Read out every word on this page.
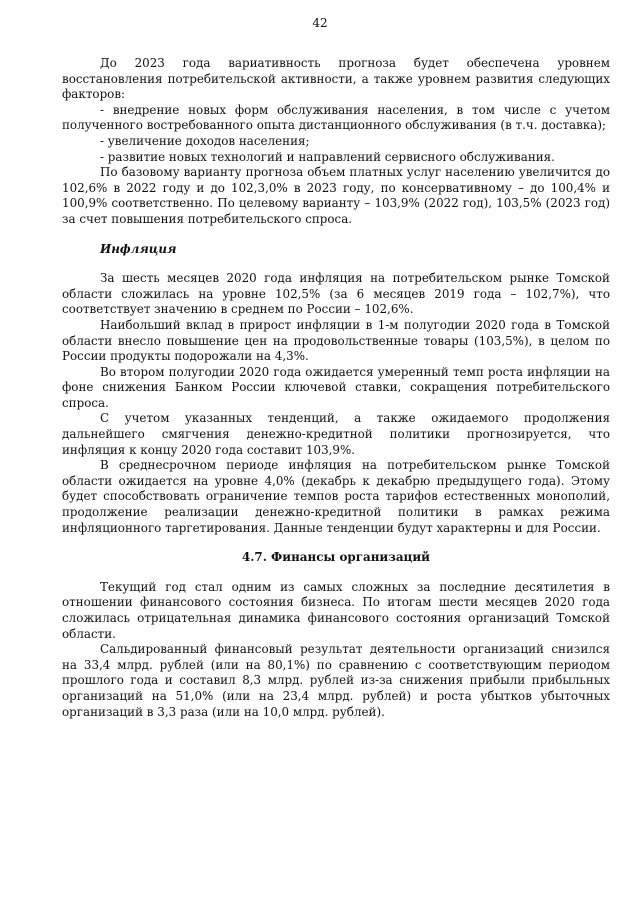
42

До 2023 года вариативность прогноза будет обеспечена уровнем восстановления потребительской активности, а также уровнем развития следующих факторов:

- внедрение новых форм обслуживания населения, в том числе с учетом полученного востребованного опыта дистанционного обслуживания (в т.ч. доставка);

- увеличение доходов населения;

- развитие новых технологий и направлений сервисного обслуживания.

По базовому варианту прогноза объем платных услуг населению увеличится до 102,6% в 2022 году и до 102,3,0% в 2023 году, по консервативному – до 100,4% и 100,9% соответственно. По целевому варианту – 103,9% (2022 год), 103,5% (2023 год) за счет повышения потребительского спроса.

Инфляция

За шесть месяцев 2020 года инфляция на потребительском рынке Томской области сложилась на уровне 102,5% (за 6 месяцев 2019 года – 102,7%), что соответствует значению в среднем по России – 102,6%.

Наибольший вклад в прирост инфляции в 1-м полугодии 2020 года в Томской области внесло повышение цен на продовольственные товары (103,5%), в целом по России продукты подорожали на 4,3%.

Во втором полугодии 2020 года ожидается умеренный темп роста инфляции на фоне снижения Банком России ключевой ставки, сокращения потребительского спроса.

С учетом указанных тенденций, а также ожидаемого продолжения дальнейшего смягчения денежно-кредитной политики прогнозируется, что инфляция к концу 2020 года составит 103,9%.

В среднесрочном периоде инфляция на потребительском рынке Томской области ожидается на уровне 4,0% (декабрь к декабрю предыдущего года). Этому будет способствовать ограничение темпов роста тарифов естественных монополий, продолжение реализации денежно-кредитной политики в рамках режима инфляционного таргетирования. Данные тенденции будут характерны и для России.

4.7. Финансы организаций

Текущий год стал одним из самых сложных за последние десятилетия в отношении финансового состояния бизнеса. По итогам шести месяцев 2020 года сложилась отрицательная динамика финансового состояния организаций Томской области.

Сальдированный финансовый результат деятельности организаций снизился на 33,4 млрд. рублей (или на 80,1%) по сравнению с соответствующим периодом прошлого года и составил 8,3 млрд. рублей из-за снижения прибыли прибыльных организаций на 51,0% (или на 23,4 млрд. рублей) и роста убытков убыточных организаций в 3,3 раза (или на 10,0 млрд. рублей).
